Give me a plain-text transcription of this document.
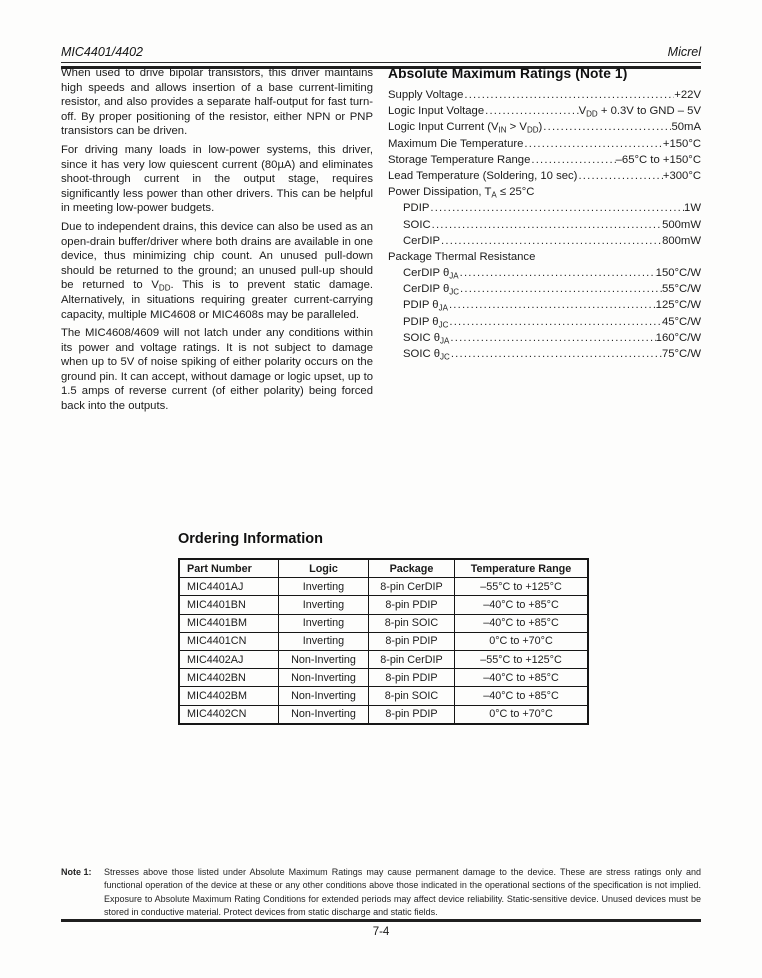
MIC4401/4402	Micrel

When used to drive bipolar transistors, this driver maintains high speeds and allows insertion of a base current-limiting resistor, and also provides a separate half-output for fast turn-off. By proper positioning of the resistor, either NPN or PNP transistors can be driven.

For driving many loads in low-power systems, this driver, since it has very low quiescent current (80µA) and eliminates shoot-through current in the output stage, requires significantly less power than other drivers. This can be helpful in meeting low-power budgets.

Due to independent drains, this device can also be used as an open-drain buffer/driver where both drains are available in one device, thus minimizing chip count. An unused pull-down should be returned to the ground; an unused pull-up should be returned to $V_{DD}$. This is to prevent static damage. Alternatively, in situations requiring greater current-carrying capacity, multiple MIC4608 or MIC4608s may be paralleled.

The MIC4608/4609 will not latch under any conditions within its power and voltage ratings. It is not subject to damage when up to 5V of noise spiking of either polarity occurs on the ground pin. It can accept, without damage or logic upset, up to 1.5 amps of reverse current (of either polarity) being forced back into the outputs.

Absolute Maximum Ratings (Note 1)
Supply Voltage .....	+22V
Logic Input Voltage .....	$V_{DD} + 0.3V$ to GND – 5V
Logic Input Current $(V_{IN} > V_{DD})$ .....	50mA
Maximum Die Temperature .....	+150°C
Storage Temperature Range .....	–65°C to +150°C
Lead Temperature (Soldering, 10 sec) .....	+300°C
Power Dissipation, $T_A \le 25^\circ C$
PDIP .....	1W
SOIC .....	500mW
CerDIP .....	800mW
Package Thermal Resistance
CerDIP $\theta_{JA}$ .....	150°C/W
CerDIP $\theta_{JC}$ .....	55°C/W
PDIP $\theta_{JA}$ .....	125°C/W
PDIP $\theta_{JC}$ .....	45°C/W
SOIC $\theta_{JA}$ .....	160°C/W
SOIC $\theta_{JC}$ .....	75°C/W
Ordering Information
Part Number	Logic	Package	Temperature Range
MIC4401AJ	Inverting	8-pin CerDIP	–55°C to +125°C
MIC4401BN	Inverting	8-pin PDIP	–40°C to +85°C
MIC4401BM	Inverting	8-pin SOIC	–40°C to +85°C
MIC4401CN	Inverting	8-pin PDIP	0°C to +70°C
MIC4402AJ	Non-Inverting	8-pin CerDIP	–55°C to +125°C
MIC4402BN	Non-Inverting	8-pin PDIP	–40°C to +85°C
MIC4402BM	Non-Inverting	8-pin SOIC	–40°C to +85°C
MIC4402CN	Non-Inverting	8-pin PDIP	0°C to +70°C
Note 1:	Stresses above those listed under Absolute Maximum Ratings may cause permanent damage to the device. These are stress ratings only and functional operation of the device at these or any other conditions above those indicated in the operational sections of the specification is not implied. Exposure to Absolute Maximum Rating Conditions for extended periods may affect device reliability. Static-sensitive device. Unused devices must be stored in conductive material. Protect devices from static discharge and static fields.
7-4
